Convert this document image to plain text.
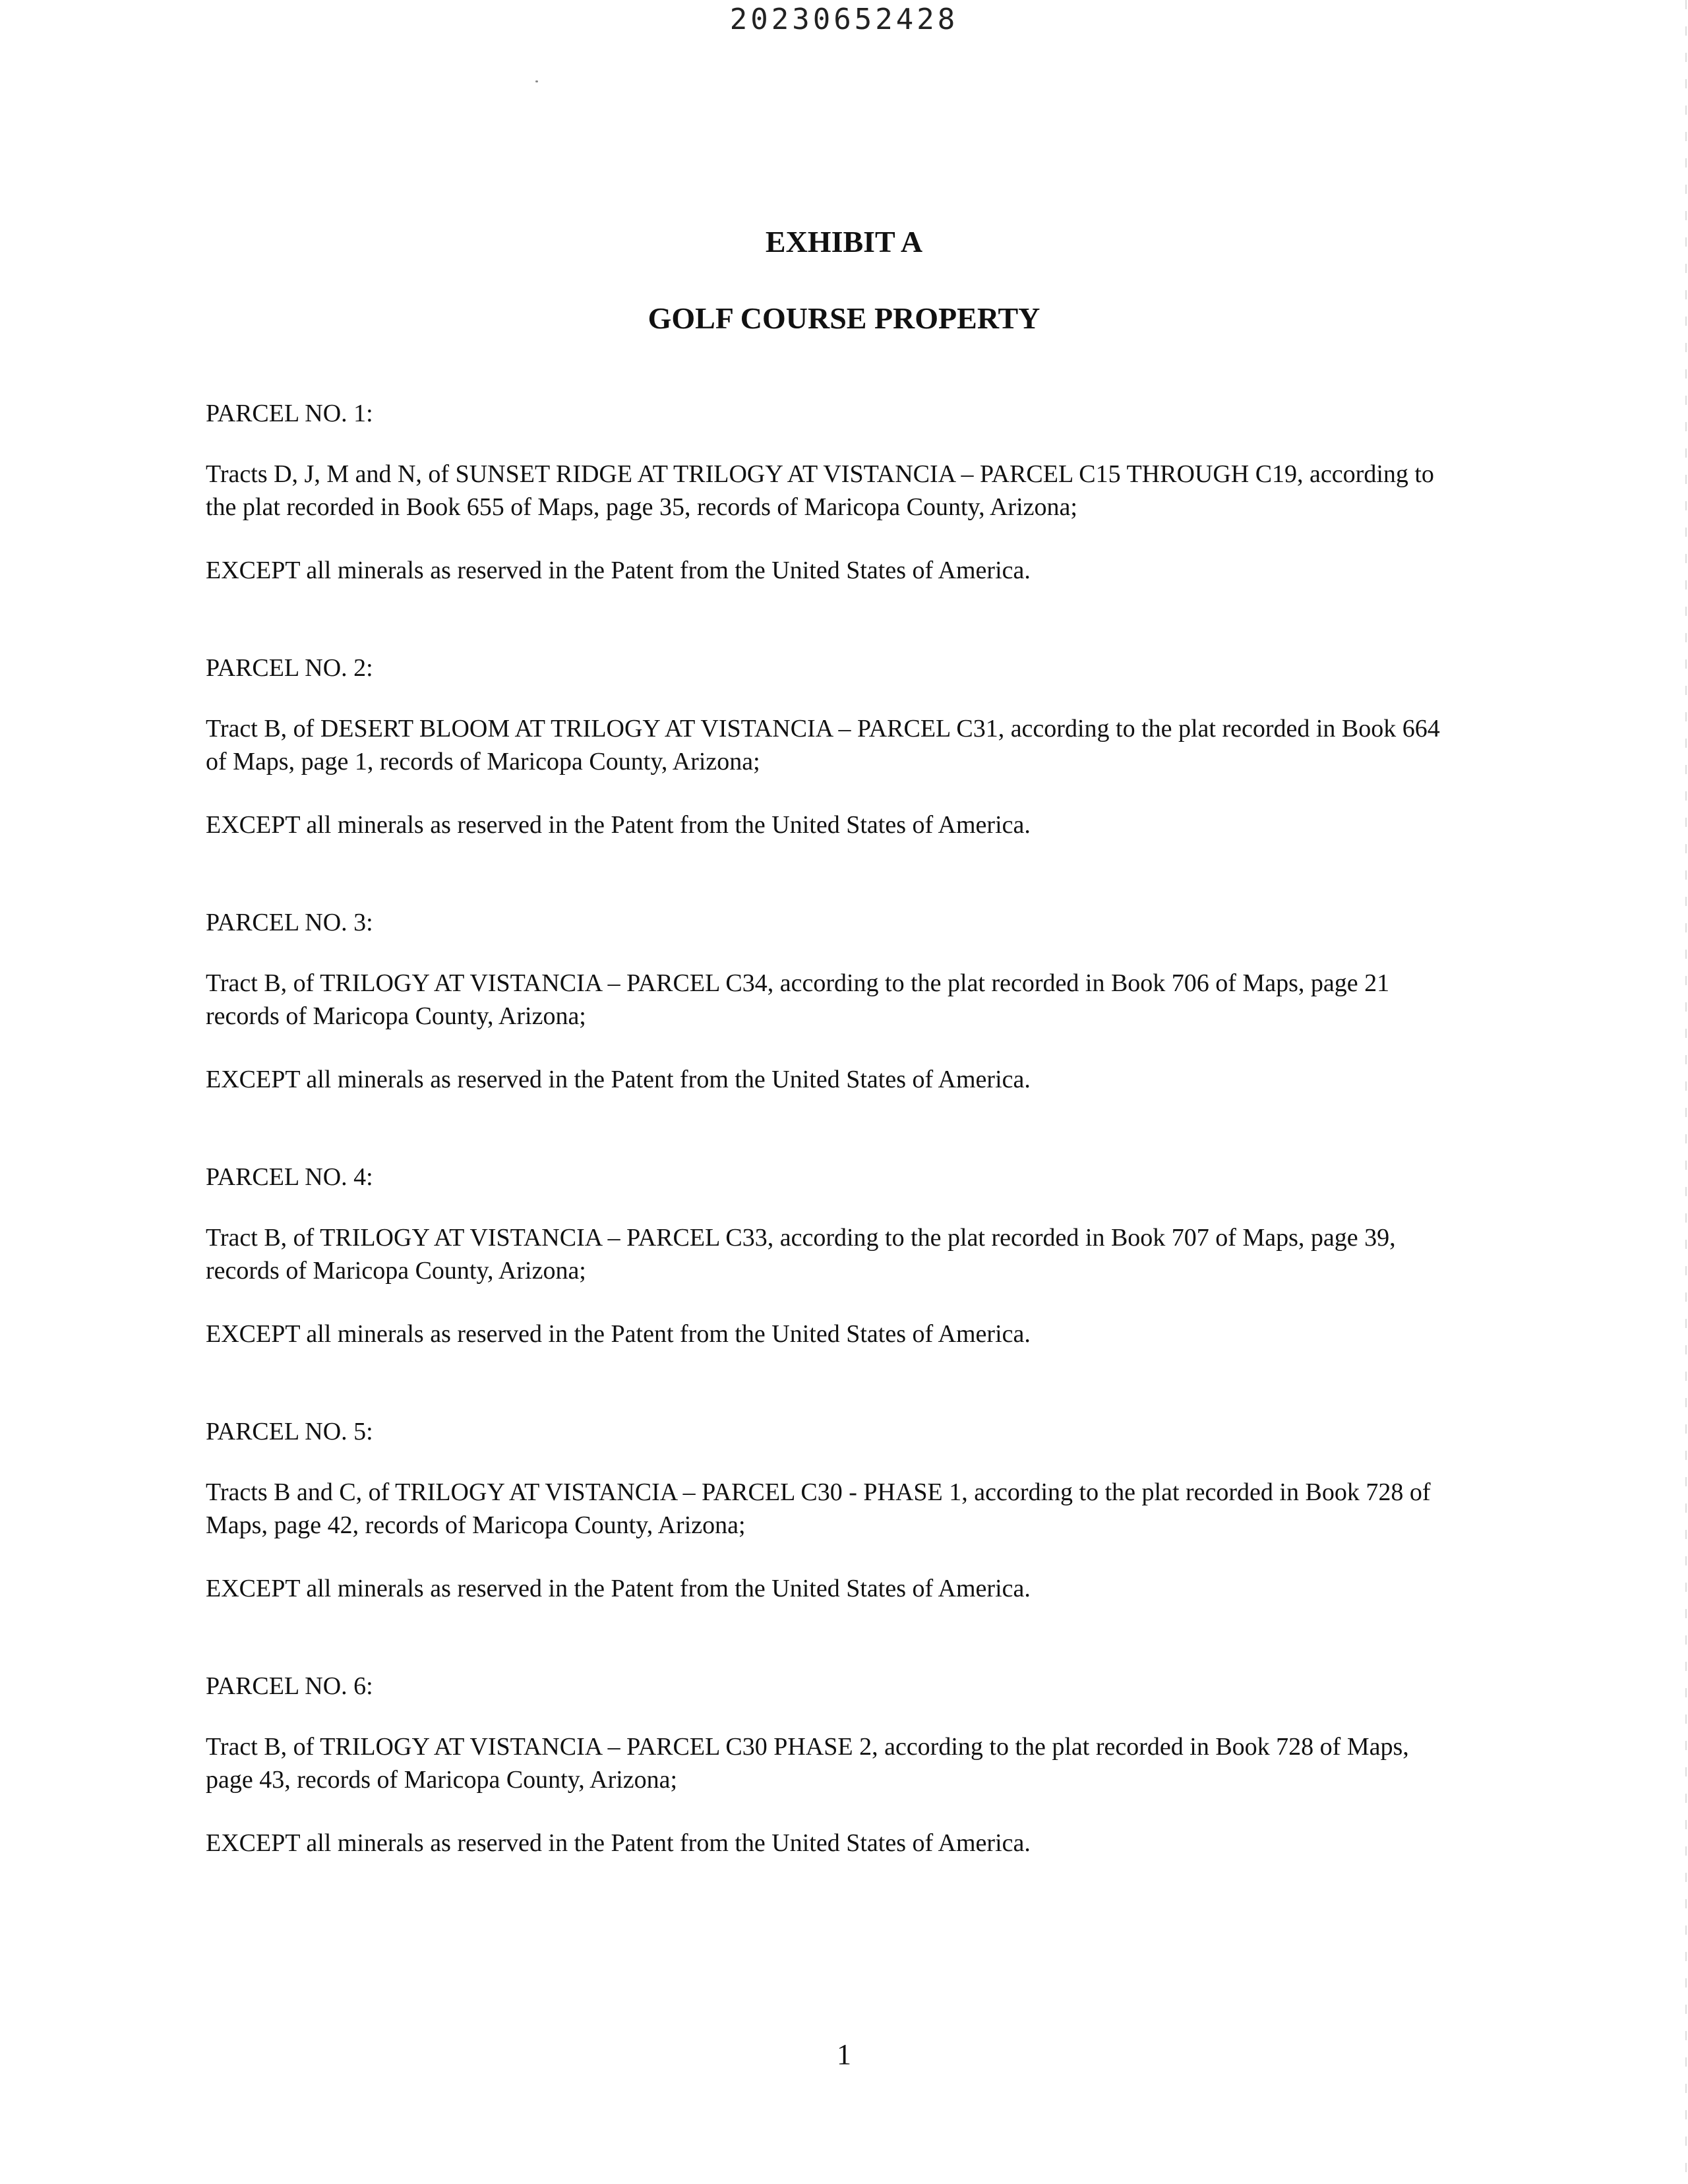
20230652428
EXHIBIT A
GOLF COURSE PROPERTY

PARCEL NO. 1:

Tracts D, J, M and N, of SUNSET RIDGE AT TRILOGY AT VISTANCIA – PARCEL C15 THROUGH C19, according to the plat recorded in Book 655 of Maps, page 35, records of Maricopa County, Arizona;

EXCEPT all minerals as reserved in the Patent from the United States of America.

PARCEL NO. 2:

Tract B, of DESERT BLOOM AT TRILOGY AT VISTANCIA – PARCEL C31, according to the plat recorded in Book 664 of Maps, page 1, records of Maricopa County, Arizona;

EXCEPT all minerals as reserved in the Patent from the United States of America.

PARCEL NO. 3:

Tract B, of TRILOGY AT VISTANCIA – PARCEL C34, according to the plat recorded in Book 706 of Maps, page 21 records of Maricopa County, Arizona;

EXCEPT all minerals as reserved in the Patent from the United States of America.

PARCEL NO. 4:

Tract B, of TRILOGY AT VISTANCIA – PARCEL C33, according to the plat recorded in Book 707 of Maps, page 39, records of Maricopa County, Arizona;

EXCEPT all minerals as reserved in the Patent from the United States of America.

PARCEL NO. 5:

Tracts B and C, of TRILOGY AT VISTANCIA – PARCEL C30 - PHASE 1, according to the plat recorded in Book 728 of Maps, page 42, records of Maricopa County, Arizona;

EXCEPT all minerals as reserved in the Patent from the United States of America.

PARCEL NO. 6:

Tract B, of TRILOGY AT VISTANCIA – PARCEL C30 PHASE 2, according to the plat recorded in Book 728 of Maps, page 43, records of Maricopa County, Arizona;

EXCEPT all minerals as reserved in the Patent from the United States of America.

1
